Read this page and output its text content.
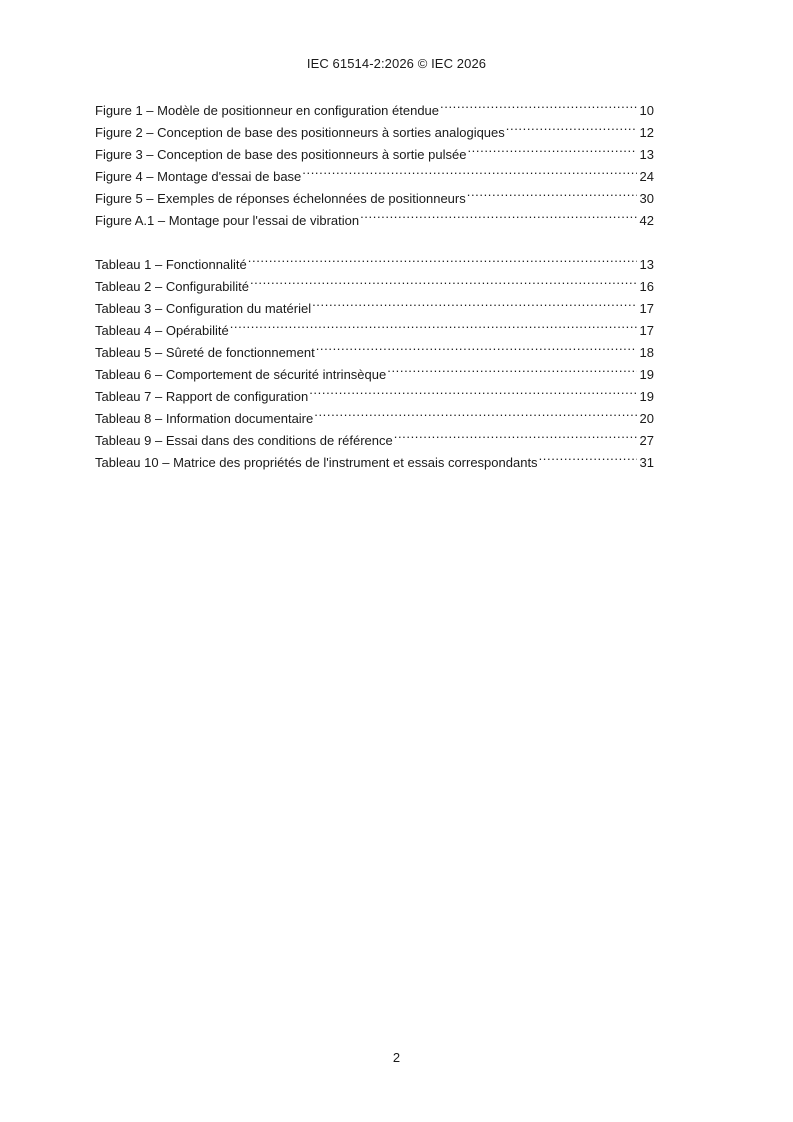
IEC 61514-2:2026 © IEC 2026
Figure 1 – Modèle de positionneur en configuration étendue .....	10
Figure 2 – Conception de base des positionneurs à sorties analogiques .....	12
Figure 3 – Conception de base des positionneurs à sortie pulsée .....	13
Figure 4 – Montage d'essai de base .....	24
Figure 5 – Exemples de réponses échelonnées de positionneurs .....	30
Figure A.1 – Montage pour l'essai de vibration .....	42
Tableau 1 – Fonctionnalité .....	13
Tableau 2 – Configurabilité .....	16
Tableau 3 – Configuration du matériel .....	17
Tableau 4 – Opérabilité .....	17
Tableau 5 – Sûreté de fonctionnement .....	18
Tableau 6 – Comportement de sécurité intrinsèque .....	19
Tableau 7 – Rapport de configuration .....	19
Tableau 8 – Information documentaire .....	20
Tableau 9 – Essai dans des conditions de référence .....	27
Tableau 10 – Matrice des propriétés de l'instrument et essais correspondants .....	31
2
